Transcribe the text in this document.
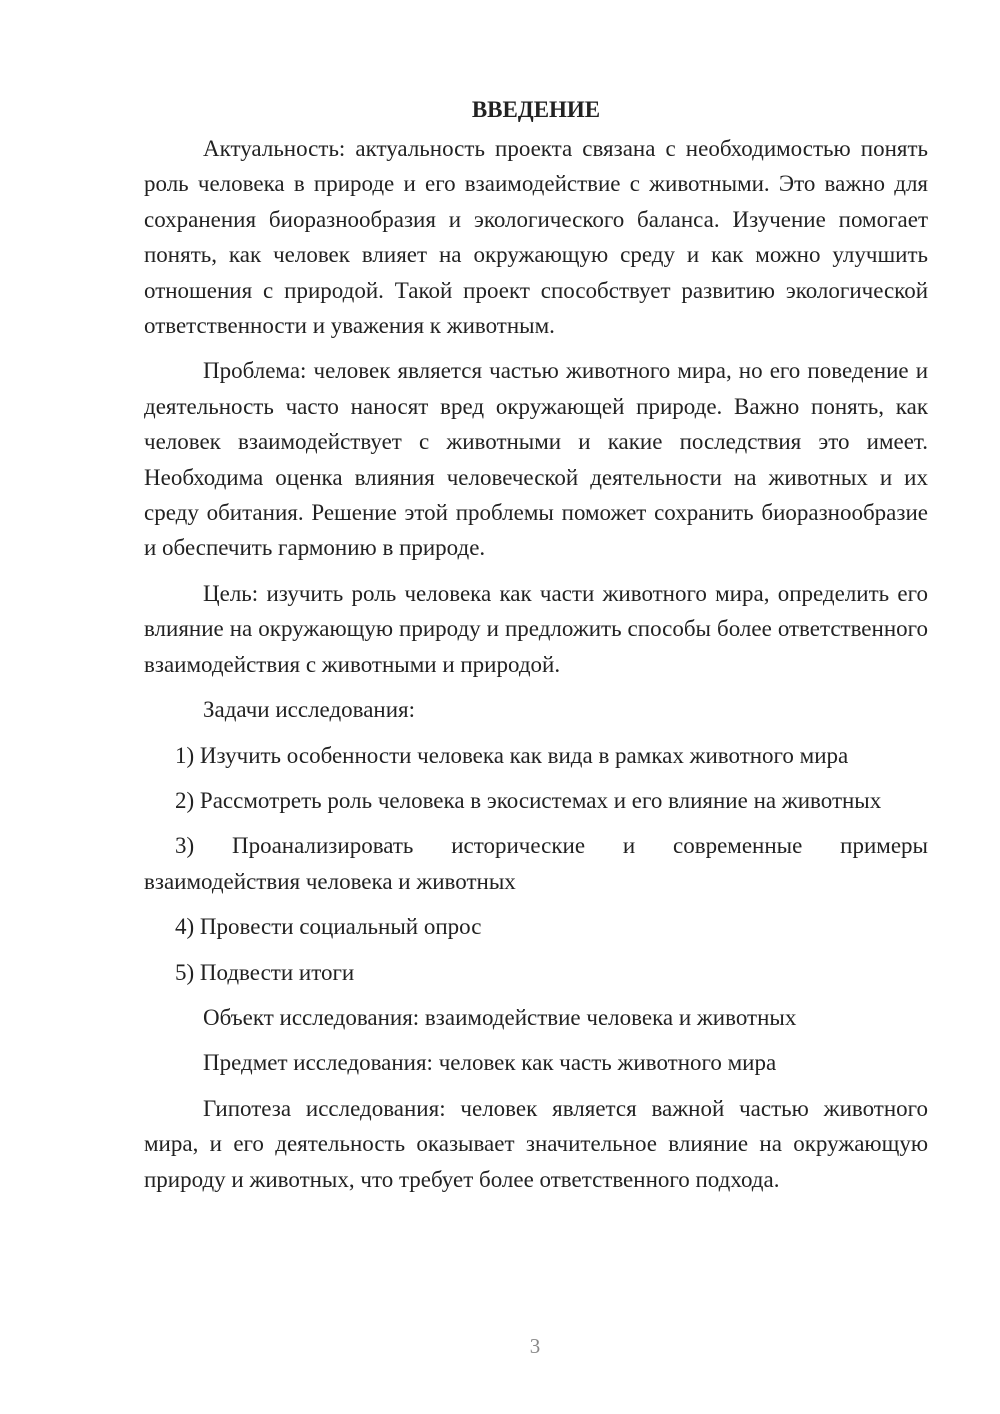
ВВЕДЕНИЕ

Актуальность: актуальность проекта связана с необходимостью понять роль человека в природе и его взаимодействие с животными. Это важно для сохранения биоразнообразия и экологического баланса. Изучение помогает понять, как человек влияет на окружающую среду и как можно улучшить отношения с природой. Такой проект способствует развитию экологической ответственности и уважения к животным.

Проблема: человек является частью животного мира, но его поведение и деятельность часто наносят вред окружающей природе. Важно понять, как человек взаимодействует с животными и какие последствия это имеет. Необходима оценка влияния человеческой деятельности на животных и их среду обитания. Решение этой проблемы поможет сохранить биоразнообразие и обеспечить гармонию в природе.

Цель: изучить роль человека как части животного мира, определить его влияние на окружающую природу и предложить способы более ответственного взаимодействия с животными и природой.

Задачи исследования:

1) Изучить особенности человека как вида в рамках животного мира

2) Рассмотреть роль человека в экосистемах и его влияние на животных

3) Проанализировать исторические и современные примеры взаимодействия человека и животных

4) Провести социальный опрос

5) Подвести итоги

Объект исследования: взаимодействие человека и животных

Предмет исследования: человек как часть животного мира

Гипотеза исследования: человек является важной частью животного мира, и его деятельность оказывает значительное влияние на окружающую природу и животных, что требует более ответственного подхода.

3
